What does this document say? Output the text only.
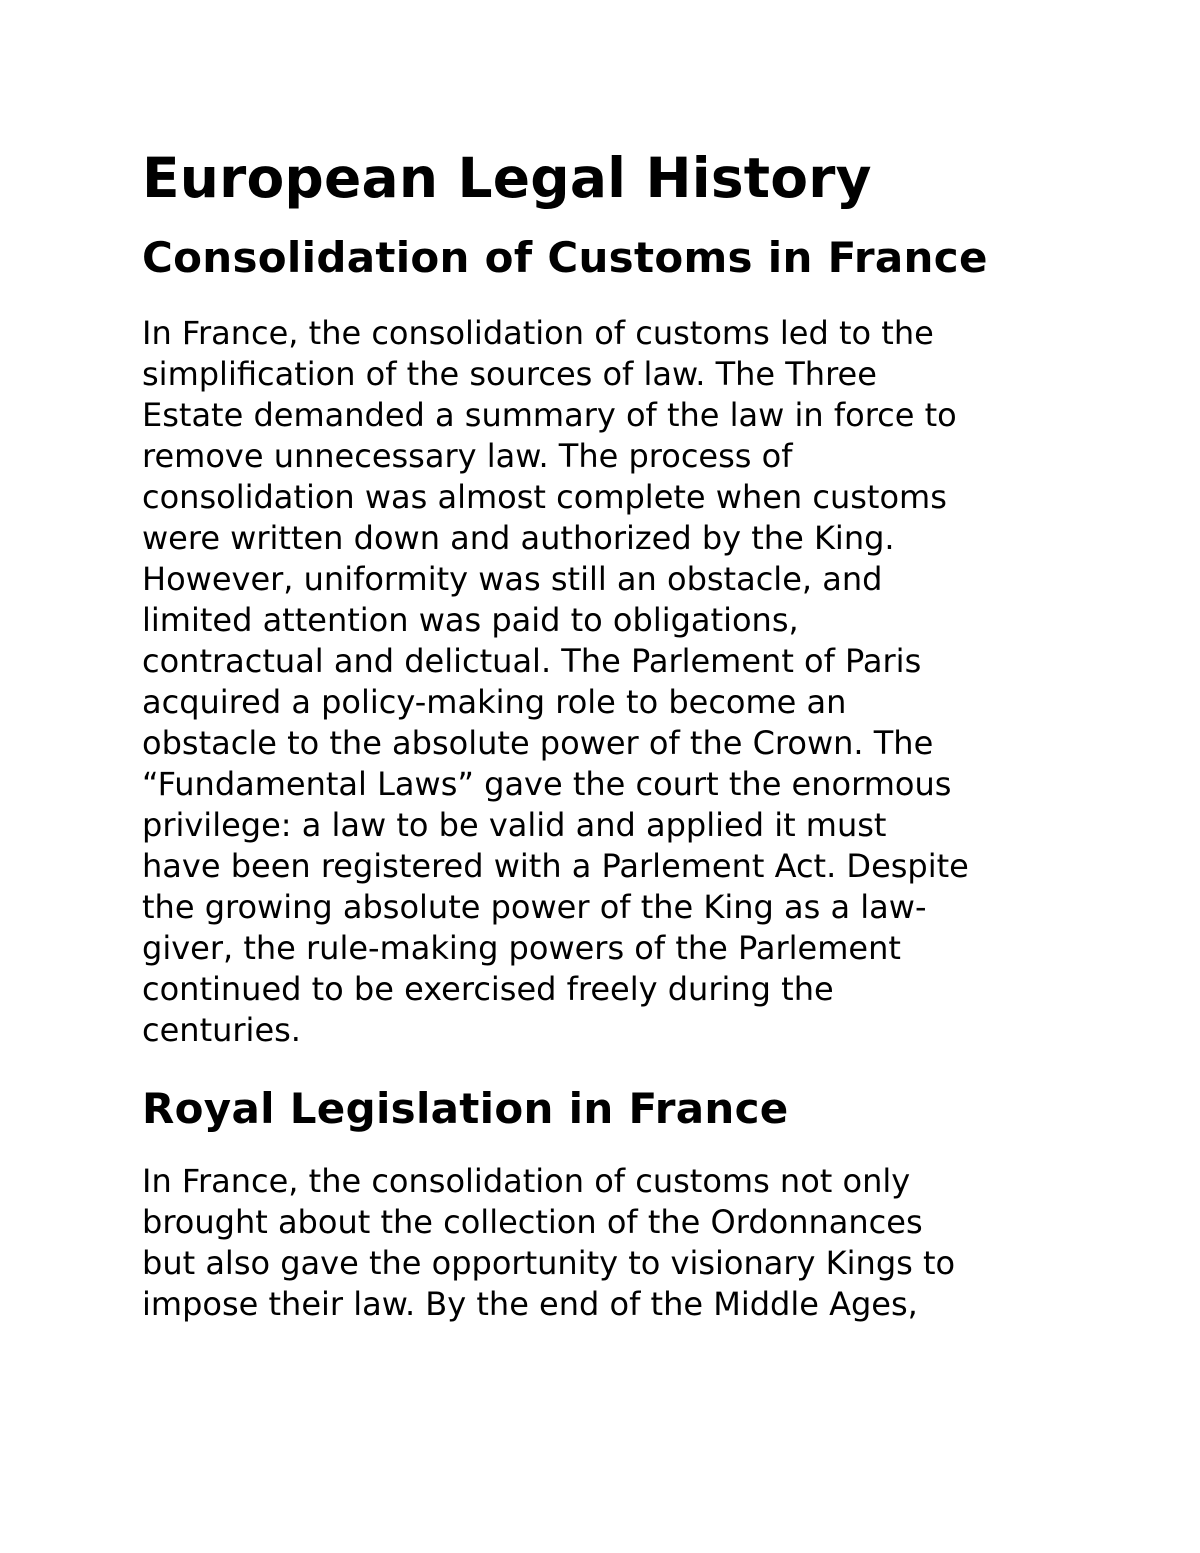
European Legal History
Consolidation of Customs in France

In France, the consolidation of customs led to the
simplification of the sources of law. The Three
Estate demanded a summary of the law in force to
remove unnecessary law. The process of
consolidation was almost complete when customs
were written down and authorized by the King.
However, uniformity was still an obstacle, and
limited attention was paid to obligations,
contractual and delictual. The Parlement of Paris
acquired a policy-making role to become an
obstacle to the absolute power of the Crown. The
“Fundamental Laws” gave the court the enormous
privilege: a law to be valid and applied it must
have been registered with a Parlement Act. Despite
the growing absolute power of the King as a law-
giver, the rule-making powers of the Parlement
continued to be exercised freely during the
centuries.

Royal Legislation in France

In France, the consolidation of customs not only
brought about the collection of the Ordonnances
but also gave the opportunity to visionary Kings to
impose their law. By the end of the Middle Ages,
